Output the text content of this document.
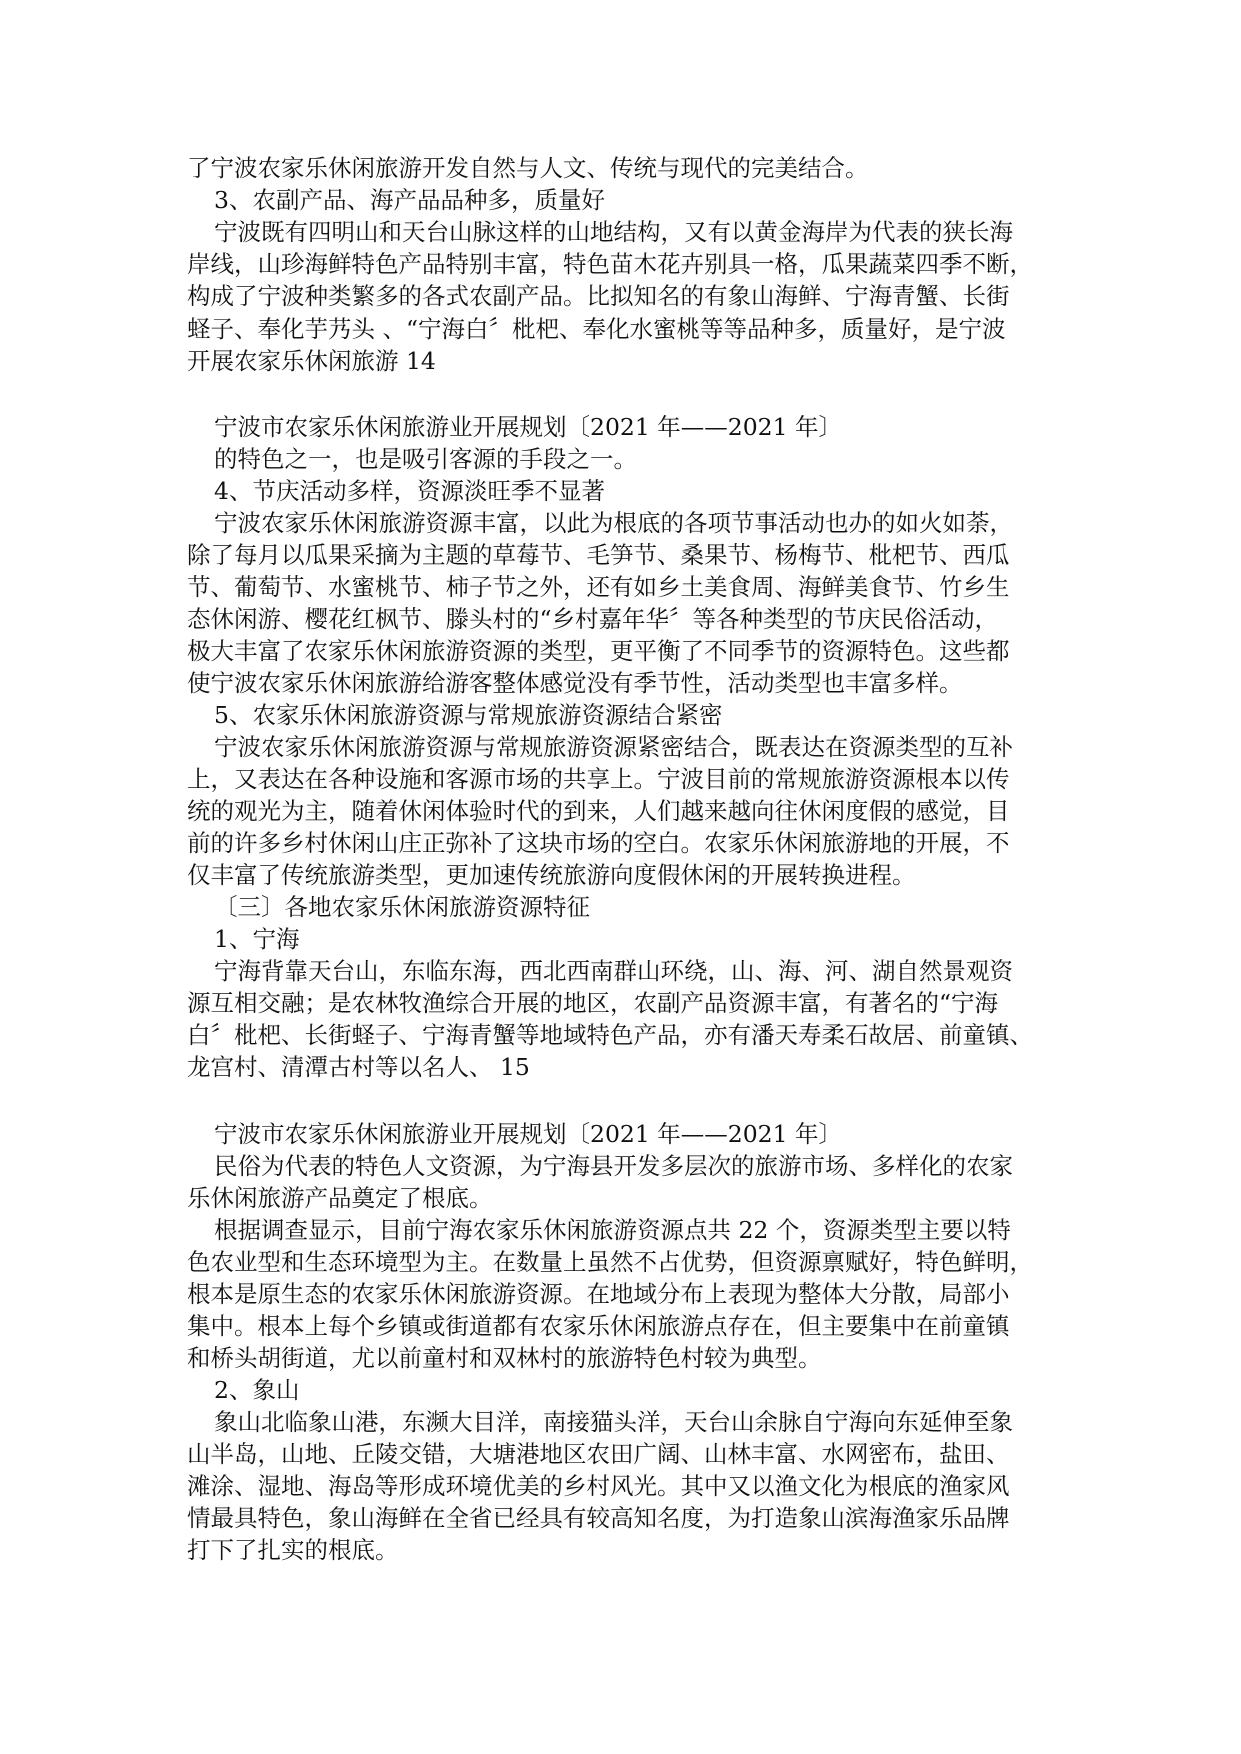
了宁波农家乐休闲旅游开发自然与人文、传统与现代的完美结合。
3、农副产品、海产品品种多，质量好
宁波既有四明山和天台山脉这样的山地结构，又有以黄金海岸为代表的狭长海
岸线，山珍海鲜特色产品特别丰富，特色苗木花卉别具一格，瓜果蔬菜四季不断，
构成了宁波种类繁多的各式农副产品。比拟知名的有象山海鲜、宁海青蟹、长街
蛏子、奉化芋艿头 、“宁海白〞枇杷、奉化水蜜桃等等品种多，质量好，是宁波
开展农家乐休闲旅游 14
宁波市农家乐休闲旅游业开展规划〔2021 年——2021 年〕
的特色之一，也是吸引客源的手段之一。
4、节庆活动多样，资源淡旺季不显著
宁波农家乐休闲旅游资源丰富，以此为根底的各项节事活动也办的如火如荼，
除了每月以瓜果采摘为主题的草莓节、毛笋节、桑果节、杨梅节、枇杷节、西瓜
节、葡萄节、水蜜桃节、柿子节之外，还有如乡土美食周、海鲜美食节、竹乡生
态休闲游、樱花红枫节、滕头村的“乡村嘉年华〞等各种类型的节庆民俗活动，
极大丰富了农家乐休闲旅游资源的类型，更平衡了不同季节的资源特色。这些都
使宁波农家乐休闲旅游给游客整体感觉没有季节性，活动类型也丰富多样。
5、农家乐休闲旅游资源与常规旅游资源结合紧密
宁波农家乐休闲旅游资源与常规旅游资源紧密结合，既表达在资源类型的互补
上，又表达在各种设施和客源市场的共享上。宁波目前的常规旅游资源根本以传
统的观光为主，随着休闲体验时代的到来，人们越来越向往休闲度假的感觉，目
前的许多乡村休闲山庄正弥补了这块市场的空白。农家乐休闲旅游地的开展，不
仅丰富了传统旅游类型，更加速传统旅游向度假休闲的开展转换进程。
〔三〕各地农家乐休闲旅游资源特征
1、宁海
宁海背靠天台山，东临东海，西北西南群山环绕，山、海、河、湖自然景观资
源互相交融；是农林牧渔综合开展的地区，农副产品资源丰富，有著名的“宁海
白〞枇杷、长街蛏子、宁海青蟹等地域特色产品，亦有潘天寿柔石故居、前童镇、
龙宫村、清潭古村等以名人、 15
宁波市农家乐休闲旅游业开展规划〔2021 年——2021 年〕
民俗为代表的特色人文资源，为宁海县开发多层次的旅游市场、多样化的农家
乐休闲旅游产品奠定了根底。
根据调查显示，目前宁海农家乐休闲旅游资源点共 22 个，资源类型主要以特
色农业型和生态环境型为主。在数量上虽然不占优势，但资源禀赋好，特色鲜明，
根本是原生态的农家乐休闲旅游资源。在地域分布上表现为整体大分散，局部小
集中。根本上每个乡镇或街道都有农家乐休闲旅游点存在，但主要集中在前童镇
和桥头胡街道，尤以前童村和双林村的旅游特色村较为典型。
2、象山
象山北临象山港，东濒大目洋，南接猫头洋，天台山余脉自宁海向东延伸至象
山半岛，山地、丘陵交错，大塘港地区农田广阔、山林丰富、水网密布，盐田、
滩涂、湿地、海岛等形成环境优美的乡村风光。其中又以渔文化为根底的渔家风
情最具特色，象山海鲜在全省已经具有较高知名度，为打造象山滨海渔家乐品牌
打下了扎实的根底。
